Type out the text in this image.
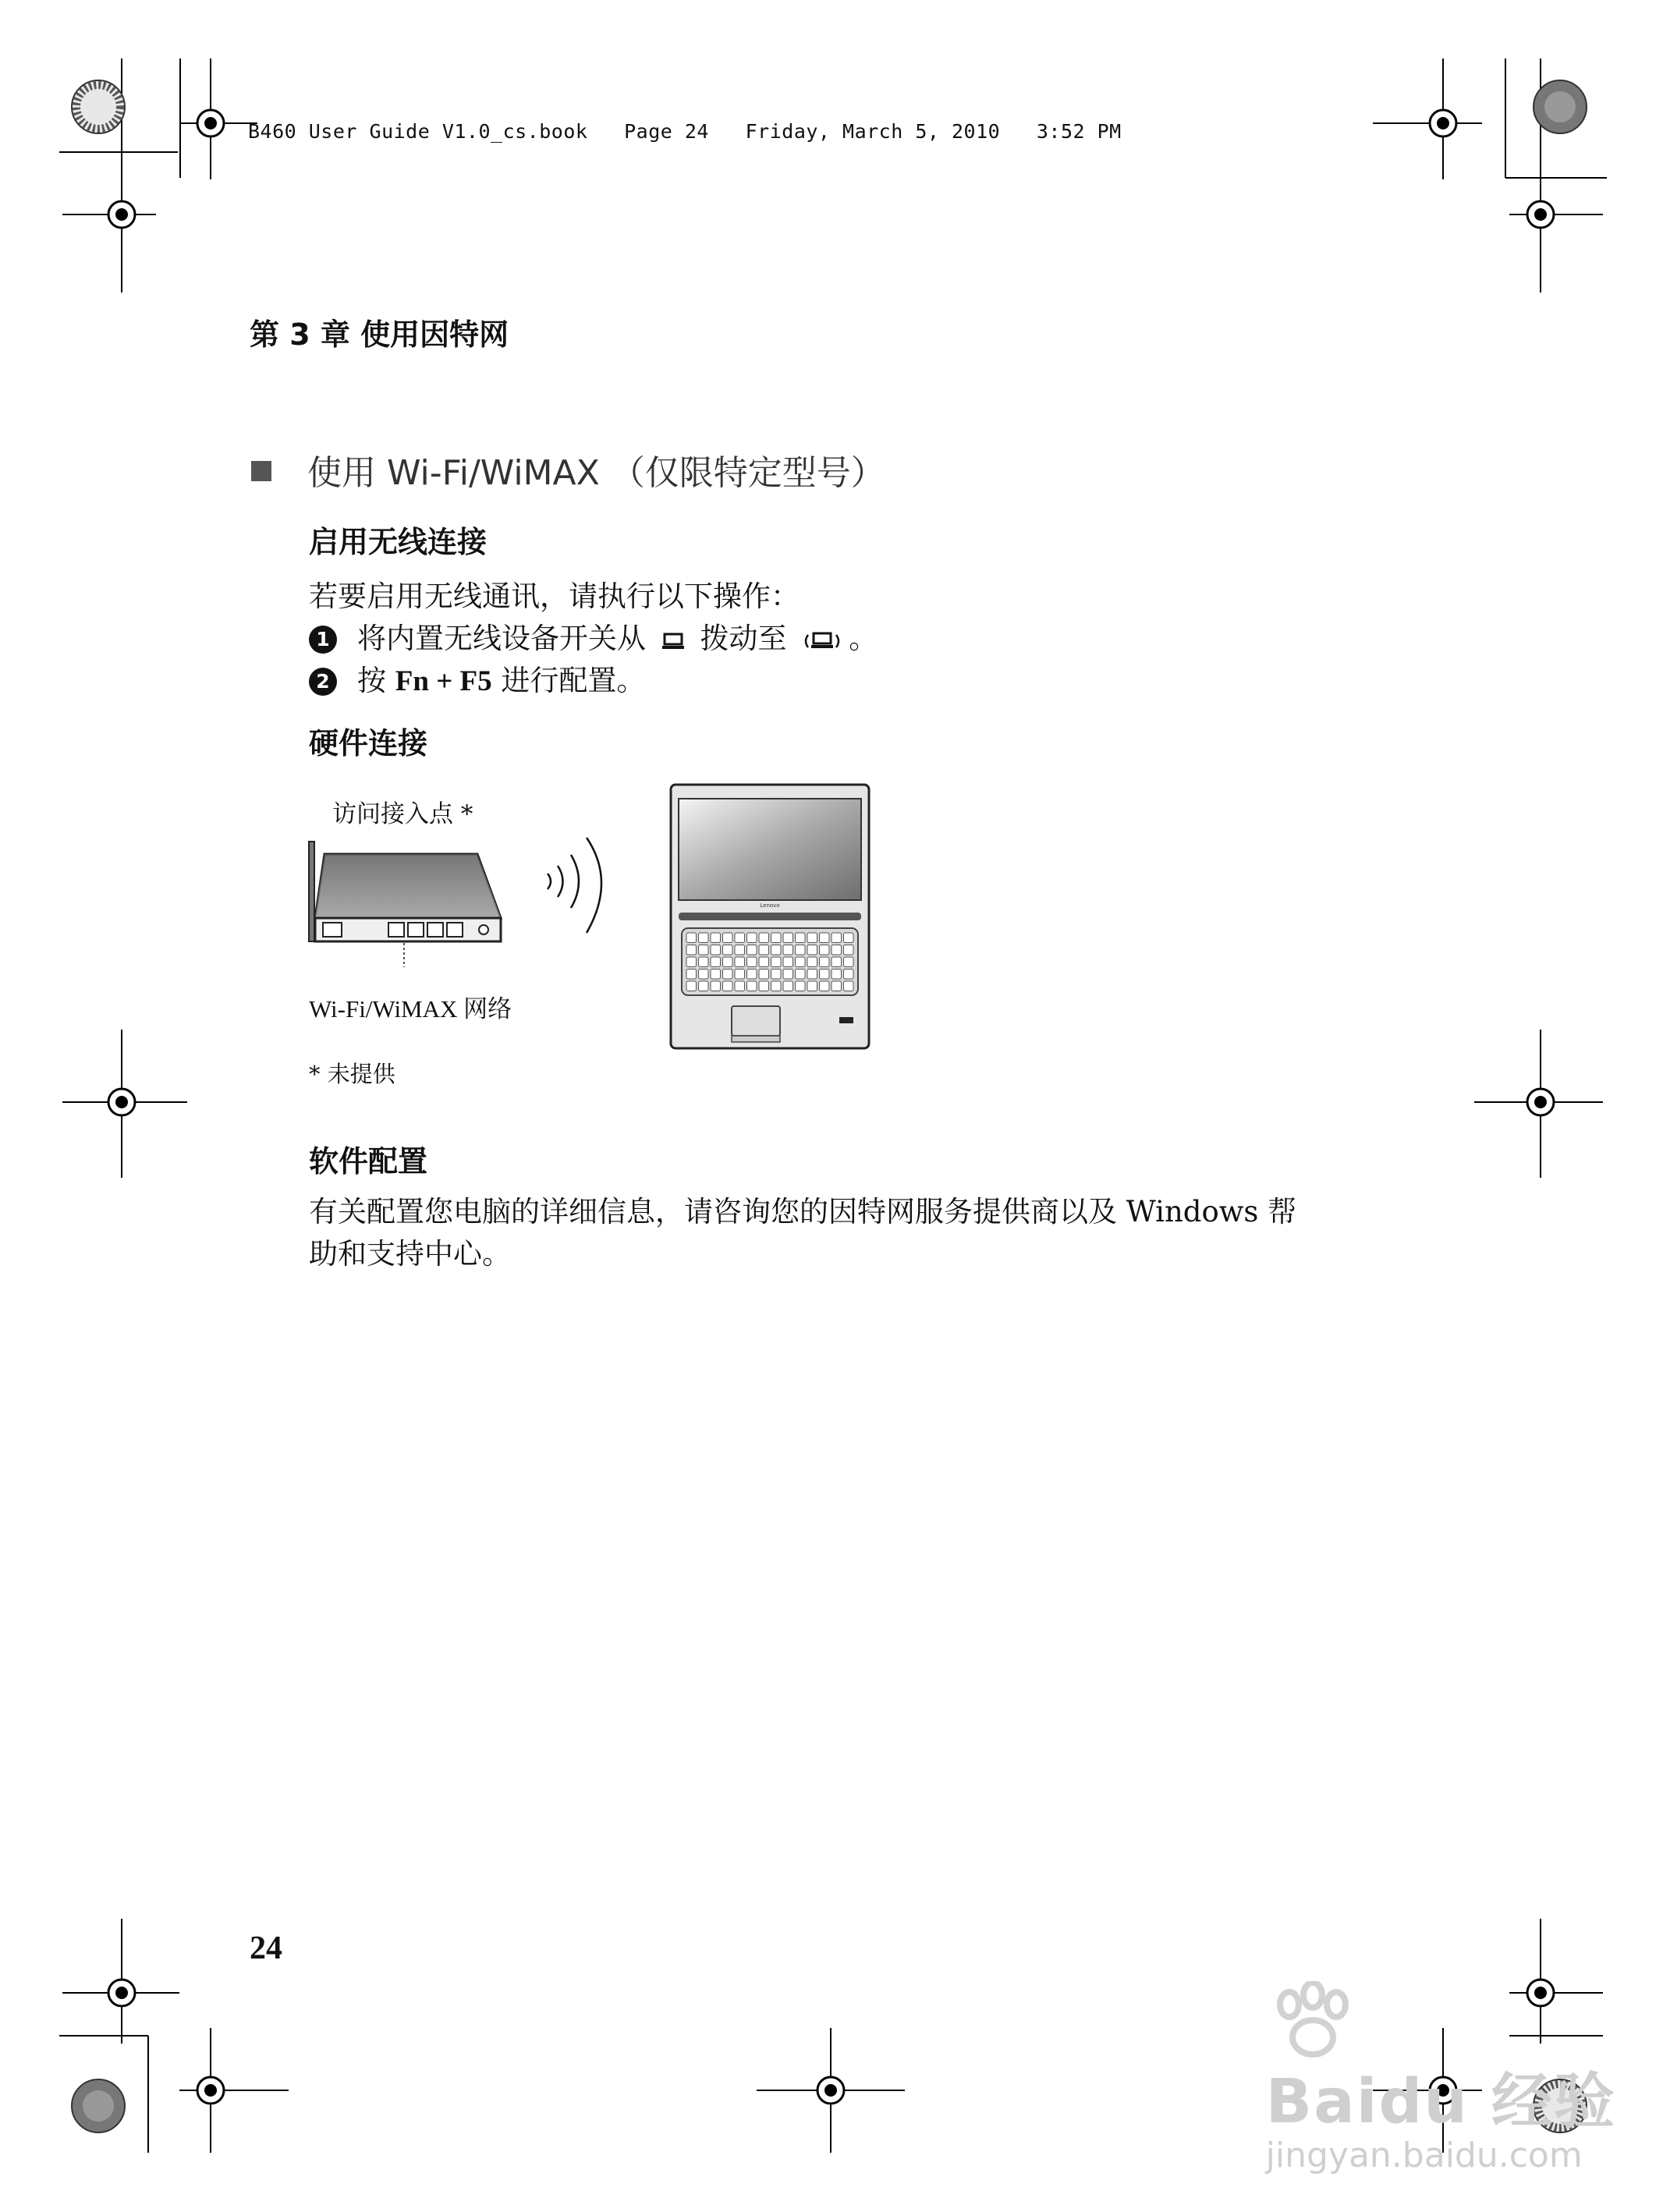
B460 User Guide V1.0_cs.book Page 24 Friday, March 5, 2010 3:52 PM
第 3 章 使用因特网
使用 Wi-Fi/WiMAX （仅限特定型号）
启用无线连接
若要启用无线通讯，请执行以下操作：
1 将内置无线设备开关从 拨动至 。
2 按 Fn + F5 进行配置。
硬件连接
访问接入点 *
Lenovo
Wi-Fi/WiMAX 网络
* 未提供
软件配置
有关配置您电脑的详细信息，请咨询您的因特网服务提供商以及 Windows 帮
助和支持中心。
24
Baidu 经验
jingyan.baidu.com
